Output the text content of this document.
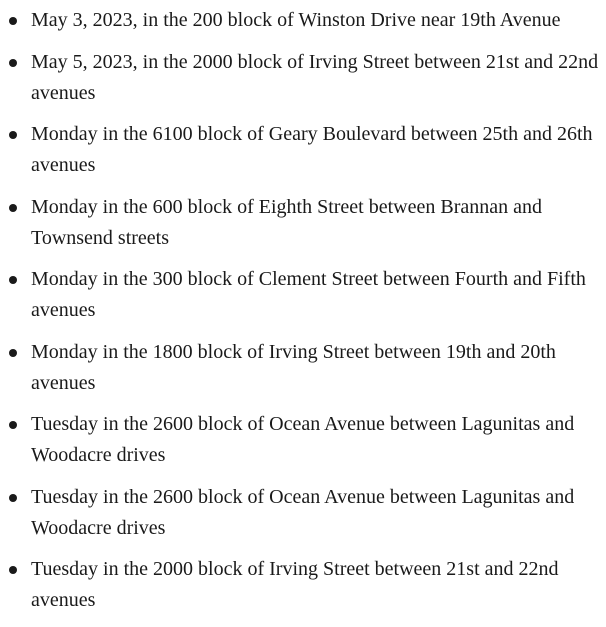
May 3, 2023, in the 200 block of Winston Drive near 19th Avenue
May 5, 2023, in the 2000 block of Irving Street between 21st and 22nd avenues
Monday in the 6100 block of Geary Boulevard between 25th and 26th avenues
Monday in the 600 block of Eighth Street between Brannan and Townsend streets
Monday in the 300 block of Clement Street between Fourth and Fifth avenues
Monday in the 1800 block of Irving Street between 19th and 20th avenues
Tuesday in the 2600 block of Ocean Avenue between Lagunitas and Woodacre drives
Tuesday in the 2600 block of Ocean Avenue between Lagunitas and Woodacre drives
Tuesday in the 2000 block of Irving Street between 21st and 22nd avenues
